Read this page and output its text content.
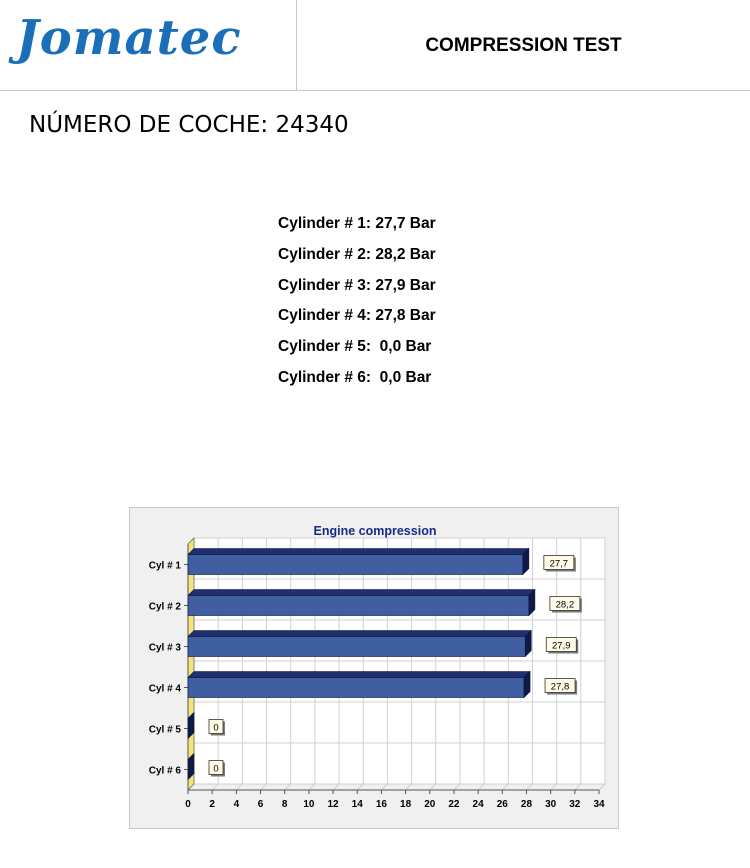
Jomatec	COMPRESSION TEST
NÚMERO DE COCHE: 24340
Cylinder # 1: 27,7 Bar
Cylinder # 2: 28,2 Bar
Cylinder # 3: 27,9 Bar
Cylinder # 4: 27,8 Bar
Cylinder # 5:  0,0 Bar
Cylinder # 6:  0,0 Bar
Engine compression
0 2 4 6 8 10 12 14 16 18 20 22 24 26 28 30 32 34
Cyl # 1	27,7
Cyl # 2	28,2
Cyl # 3	27,9
Cyl # 4	27,8
Cyl # 5	0
Cyl # 6	0
